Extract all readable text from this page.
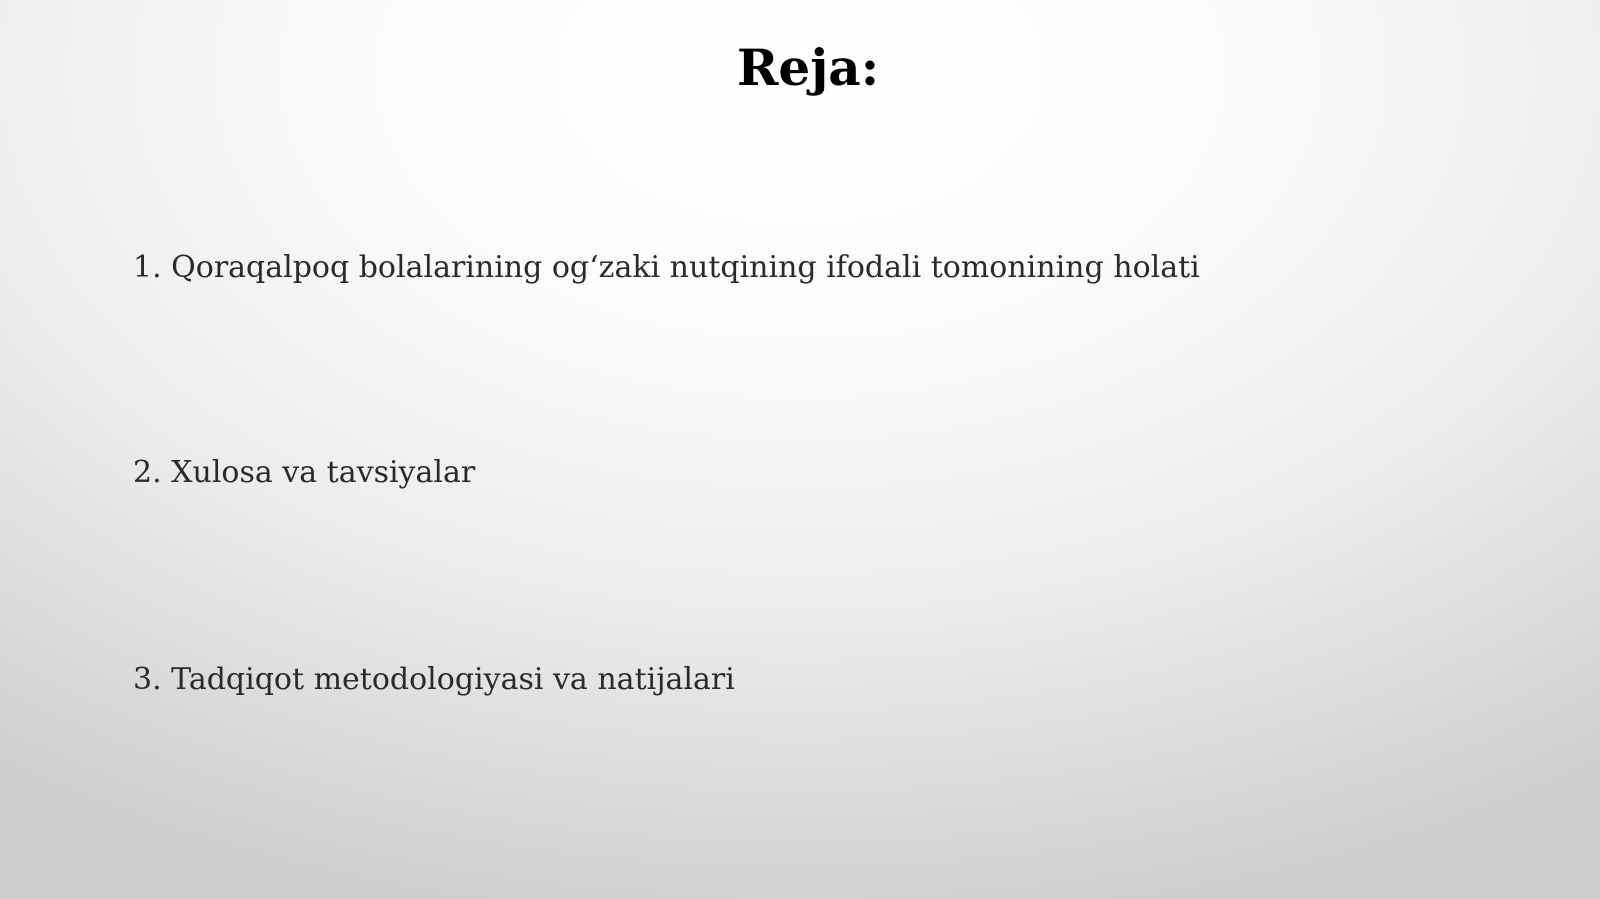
Reja:
1. Qoraqalpoq bolalarining og‘zaki nutqining ifodali tomonining holati
2. Xulosa va tavsiyalar
3. Tadqiqot metodologiyasi va natijalari
